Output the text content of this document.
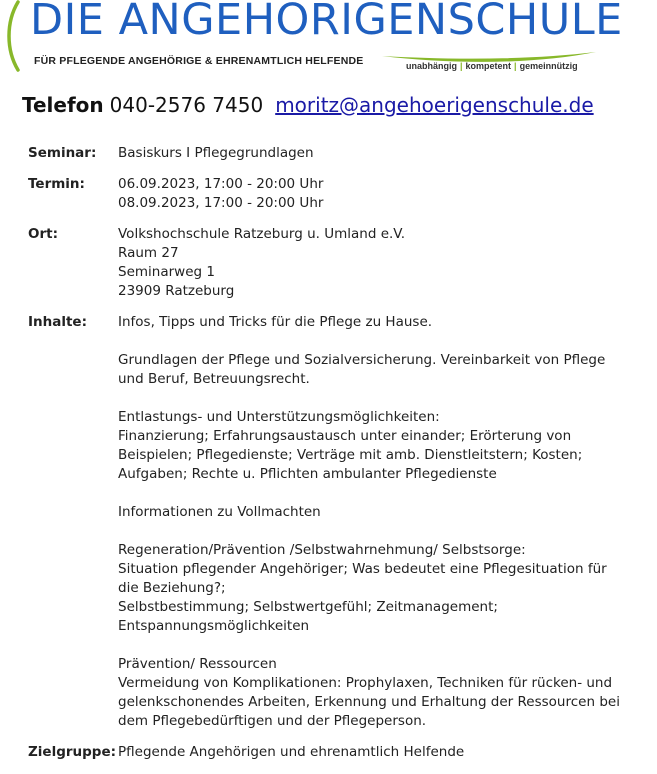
DIE ANGEHORIGENSCHULE
FÜR PFLEGENDE ANGEHÖRIGE & EHRENAMTLICH HELFENDE	unabhängig | kompetent | gemeinnützig
Telefon 040-2576 7450 moritz@angehoerigenschule.de
Seminar:	Basiskurs I Pflegegrundlagen
Termin:	06.09.2023, 17:00 - 20:00 Uhr
08.09.2023, 17:00 - 20:00 Uhr
Ort:	Volkshochschule Ratzeburg u. Umland e.V.
Raum 27
Seminarweg 1
23909 Ratzeburg
Inhalte:	Infos, Tipps und Tricks für die Pflege zu Hause.

Grundlagen der Pflege und Sozialversicherung. Vereinbarkeit von Pflege und Beruf, Betreuungsrecht.

Entlastungs- und Unterstützungsmöglichkeiten:
Finanzierung; Erfahrungsaustausch unter einander; Erörterung von Beispielen; Pflegedienste; Verträge mit amb. Dienstleitstern; Kosten; Aufgaben; Rechte u. Pflichten ambulanter Pflegedienste

Informationen zu Vollmachten

Regeneration/Prävention /Selbstwahrnehmung/ Selbstsorge:
Situation pflegender Angehöriger; Was bedeutet eine Pflegesituation für die Beziehung?;
Selbstbestimmung; Selbstwertgefühl; Zeitmanagement; Entspannungsmöglichkeiten

Prävention/ Ressourcen
Vermeidung von Komplikationen: Prophylaxen, Techniken für rücken- und gelenkschonendes Arbeiten, Erkennung und Erhaltung der Ressourcen bei dem Pflegebedürftigen und der Pflegeperson.

Zielgruppe: Pflegende Angehörigen und ehrenamtlich Helfende
